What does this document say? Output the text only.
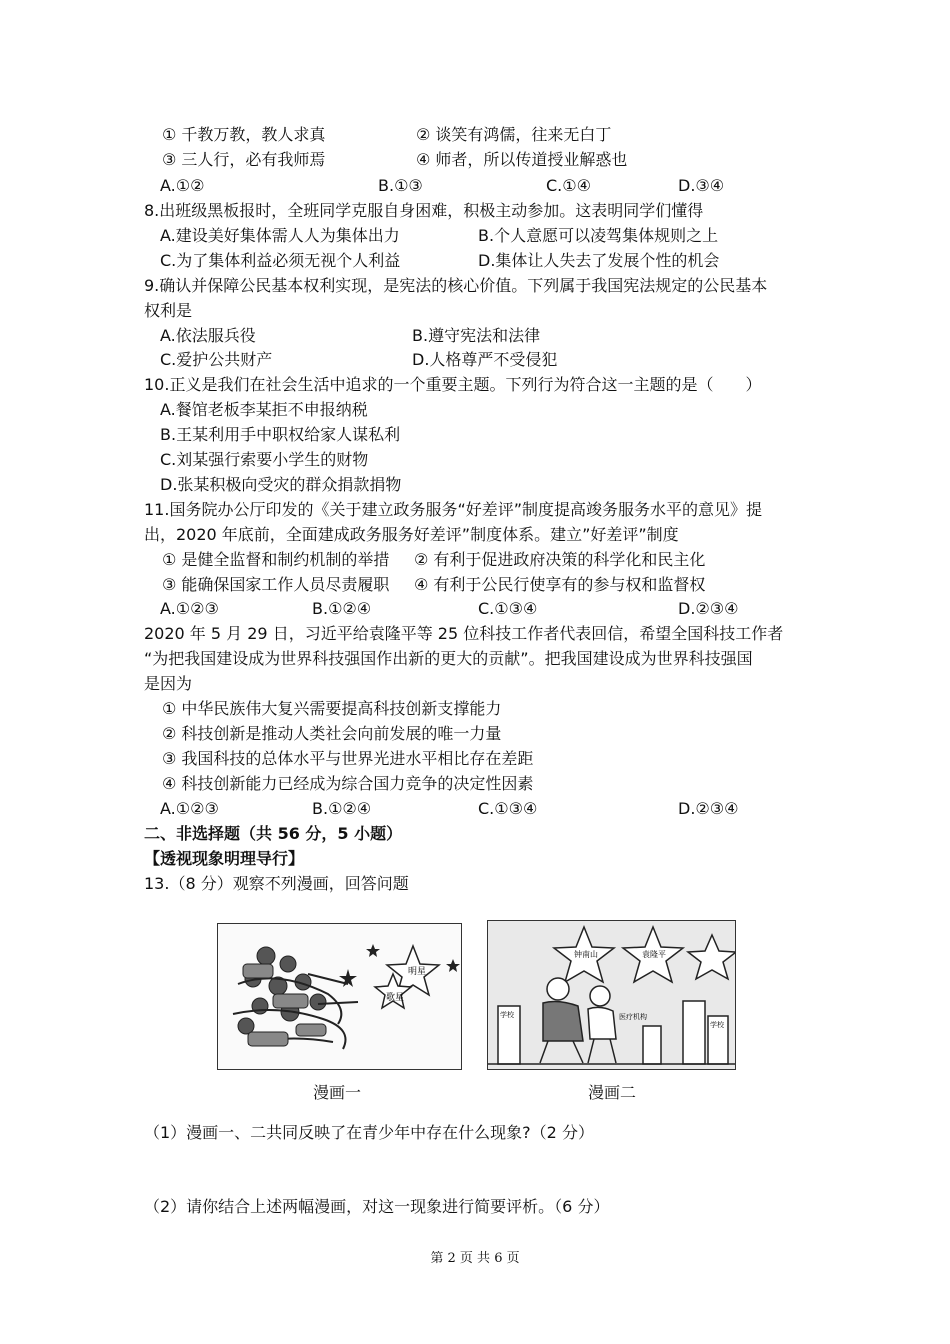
① 千教万教，教人求真	② 谈笑有鸿儒，往来无白丁
③ 三人行，必有我师焉	④ 师者，所以传道授业解惑也
A.①②	B.①③	C.①④	D.③④
8.出班级黑板报时，全班同学克服自身困难，积极主动参加。这表明同学们懂得
A.建设美好集体需人人为集体出力	B.个人意愿可以凌驾集体规则之上
C.为了集体利益必须无视个人利益	D.集体让人失去了发展个性的机会
9.确认并保障公民基本权利实现，是宪法的核心价值。下列属于我国宪法规定的公民基本
权利是
A.依法服兵役	B.遵守宪法和法律
C.爱护公共财产	D.人格尊严不受侵犯
10.正义是我们在社会生活中追求的一个重要主题。下列行为符合这一主题的是（　　）
A.餐馆老板李某拒不申报纳税
B.王某利用手中职权给家人谋私利
C.刘某强行索要小学生的财物
D.张某积极向受灾的群众捐款捐物
11.国务院办公厅印发的《关于建立政务服务“好差评”制度提高竣务服务水平的意见》提
出，2020 年底前，全面建成政务服务好差评”制度体系。建立”好差评”制度
① 是健全监督和制约机制的举措 ② 有利于促进政府决策的科学化和民主化
③ 能确保国家工作人员尽责履职 ④ 有利于公民行使享有的参与权和监督权
A.①②③	B.①②④	C.①③④	D.②③④
2020 年 5 月 29 日，习近平给袁隆平等 25 位科技工作者代表回信，希望全国科技工作者
“为把我国建设成为世界科技强国作出新的更大的贡献”。把我国建设成为世界科技强国
是因为
① 中华民族伟大复兴需要提高科技创新支撑能力
② 科技创新是推动人类社会向前发展的唯一力量
③ 我国科技的总体水平与世界光进水平相比存在差距
④ 科技创新能力已经成为综合国力竞争的决定性因素
A.①②③	B.①②④	C.①③④	D.②③④
二、非选择题（共 56 分，5 小题）
【透视现象明理导行】
13.（8 分）观察不列漫画，回答问题
明星
歌星
钟南山	袁隆平
学校	医疗机构
学校
漫画一	漫画二
（1）漫画一、二共同反映了在青少年中存在什么现象?（2 分）
（2）请你结合上述两幅漫画，对这一现象进行简要评析。（6 分）
第 2 页 共 6 页
